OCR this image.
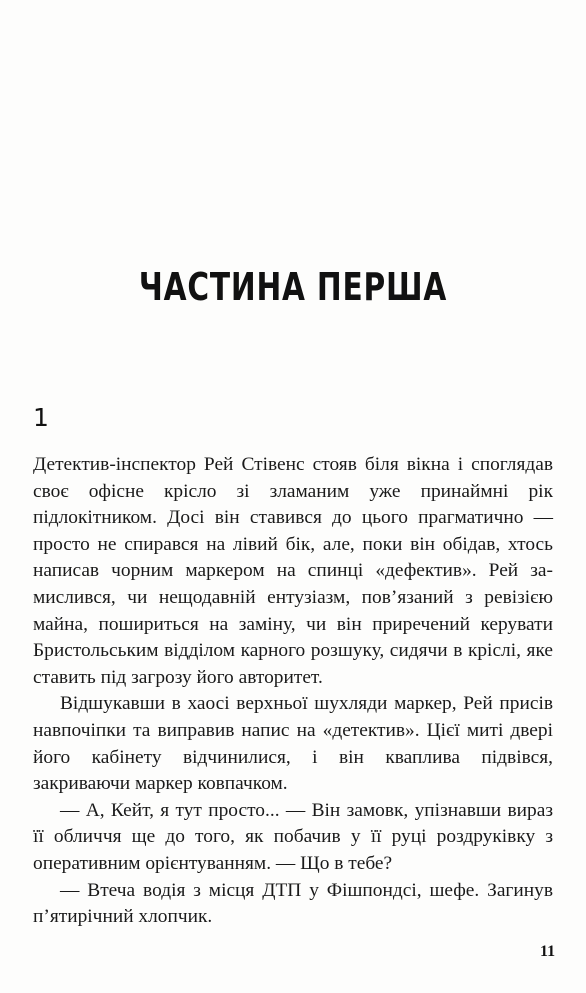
ЧАСТИНА ПЕРША
1

Детектив-інспектор Рей Стівенс стояв біля вікна і споглядав своє офісне крісло зі зламаним уже принаймні рік підлокітником. Досі він ставився до цього прагматично — просто не спирався на лівий бік, але, поки він обідав, хтось написав чорним маркером на спинці «дефектив». Рей замислився, чи нещодавній ентузіазм, пов’язаний з ревізією майна, пошириться на заміну, чи він приречений керувати Бристольським відділом карного розшуку, сидячи в кріслі, яке ставить під загрозу його авторитет.

Відшукавши в хаосі верхньої шухляди маркер, Рей присів навпочіпки та виправив напис на «детектив». Цієї миті двері його кабінету відчинилися, і він кваплива підвівся, закриваючи маркер ковпачком.

— А, Кейт, я тут просто... — Він замовк, упізнавши вираз її обличчя ще до того, як побачив у її руці роздруківку з оперативним орієнтуванням. — Що в тебе?

— Втеча водія з місця ДТП у Фішпондсі, шефе. Загинув п’ятирічний хлопчик.

11
